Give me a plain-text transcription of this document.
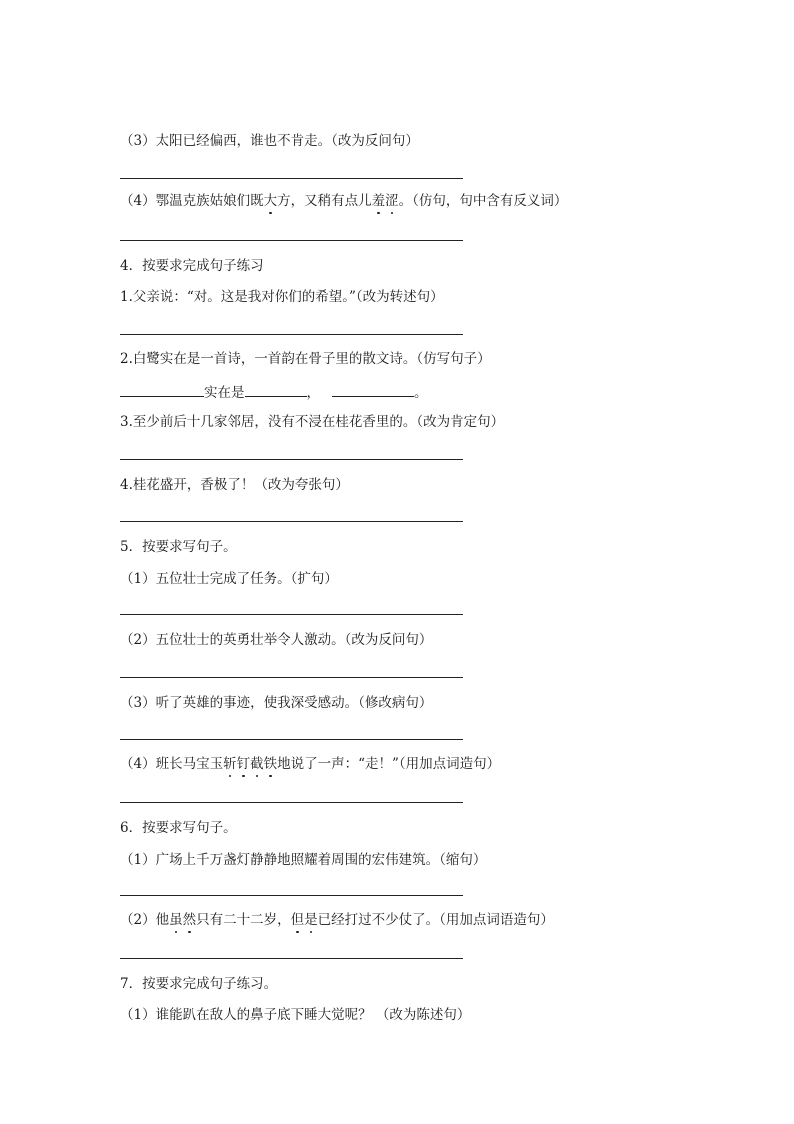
（3）太阳已经偏西，谁也不肯走。（改为反问句）
（4）鄂温克族姑娘们既大方，又稍有点儿羞涩。（仿句，句中含有反义词）
4．按要求完成句子练习
1.父亲说：“对。这是我对你们的希望。”（改为转述句）
2.白鹭实在是一首诗，一首韵在骨子里的散文诗。（仿写句子）
实在是	，	。
3.至少前后十几家邻居，没有不浸在桂花香里的。（改为肯定句）
4.桂花盛开，香极了！（改为夸张句）
5．按要求写句子。
（1）五位壮士完成了任务。（扩句）
（2）五位壮士的英勇壮举令人激动。（改为反问句）
（3）听了英雄的事迹，使我深受感动。（修改病句）
（4）班长马宝玉斩钉截铁地说了一声：“走！”（用加点词造句）
6．按要求写句子。
（1）广场上千万盏灯静静地照耀着周围的宏伟建筑。（缩句）
（2）他虽然只有二十二岁，但是已经打过不少仗了。（用加点词语造句）
7．按要求完成句子练习。
（1）谁能趴在敌人的鼻子底下睡大觉呢？ （改为陈述句）
